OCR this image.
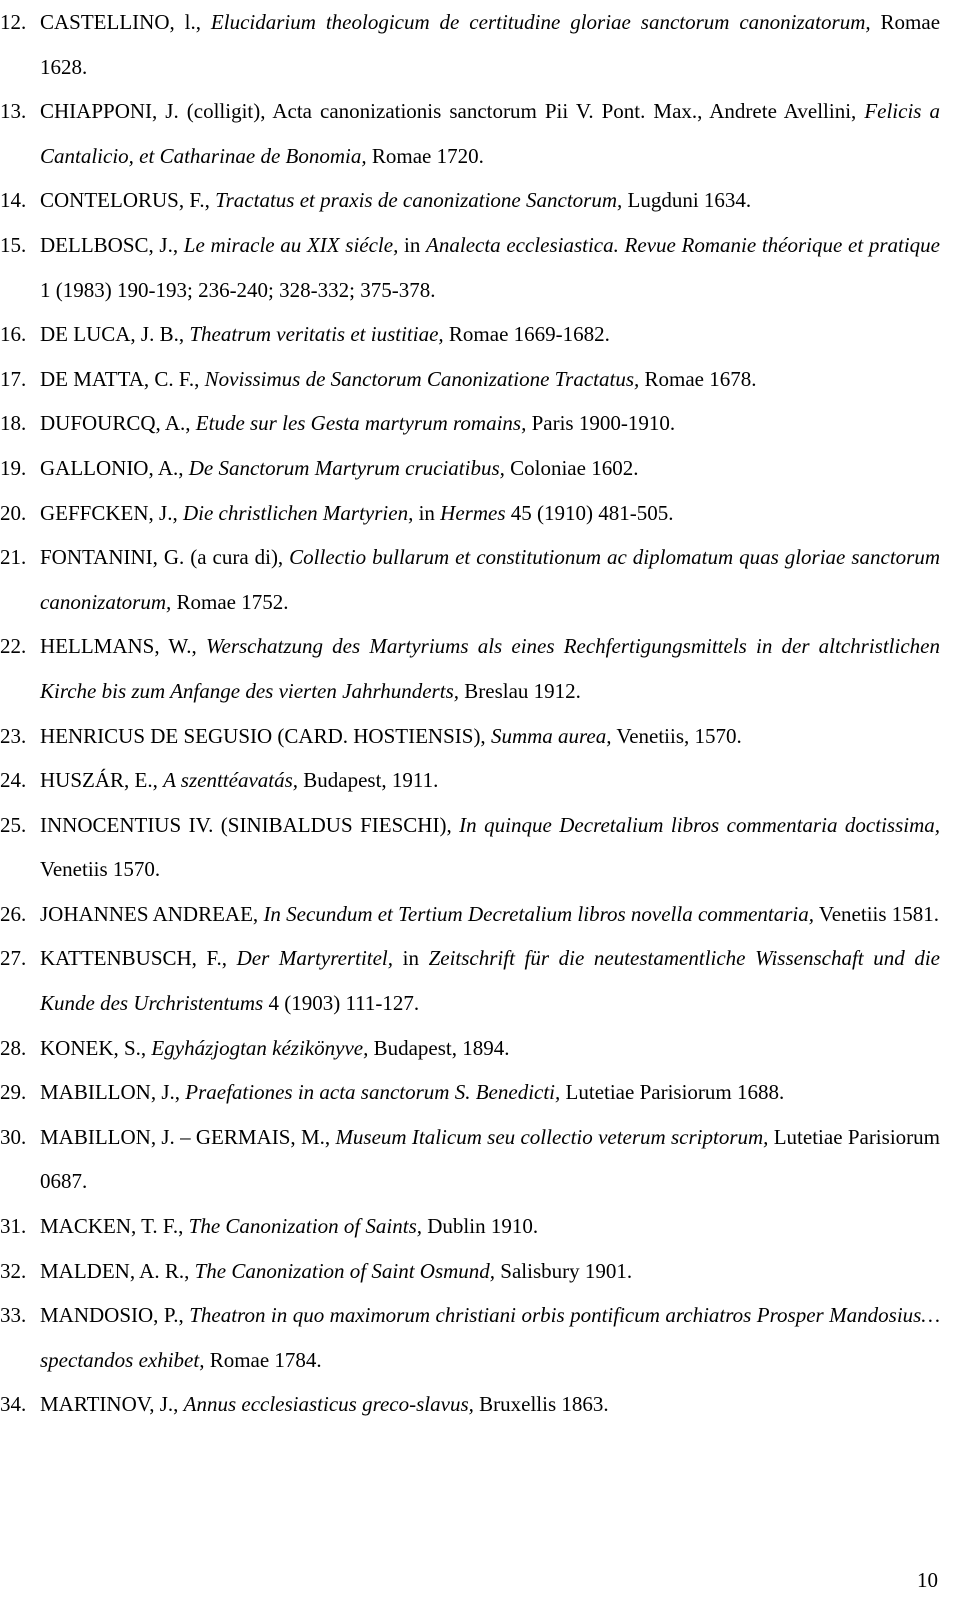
12. CASTELLINO, l., Elucidarium theologicum de certitudine gloriae sanctorum canonizatorum, Romae 1628.
13. CHIAPPONI, J. (colligit), Acta canonizationis sanctorum Pii V. Pont. Max., Andrete Avellini, Felicis a Cantalicio, et Catharinae de Bonomia, Romae 1720.
14. CONTELORUS, F., Tractatus et praxis de canonizatione Sanctorum, Lugduni 1634.
15. DELLBOSC, J., Le miracle au XIX siécle, in Analecta ecclesiastica. Revue Romanie théorique et pratique 1 (1983) 190-193; 236-240; 328-332; 375-378.
16. DE LUCA, J. B., Theatrum veritatis et iustitiae, Romae 1669-1682.
17. DE MATTA, C. F., Novissimus de Sanctorum Canonizatione Tractatus, Romae 1678.
18. DUFOURCQ, A., Etude sur les Gesta martyrum romains, Paris 1900-1910.
19. GALLONIO, A., De Sanctorum Martyrum cruciatibus, Coloniae 1602.
20. GEFFCKEN, J., Die christlichen Martyrien, in Hermes 45 (1910) 481-505.
21. FONTANINI, G. (a cura di), Collectio bullarum et constitutionum ac diplomatum quas gloriae sanctorum canonizatorum, Romae 1752.
22. HELLMANS, W., Werschatzung des Martyriums als eines Rechfertigungsmittels in der altchristlichen Kirche bis zum Anfange des vierten Jahrhunderts, Breslau 1912.
23. HENRICUS DE SEGUSIO (CARD. HOSTIENSIS), Summa aurea, Venetiis, 1570.
24. HUSZÁR, E., A szenttéavatás, Budapest, 1911.
25. INNOCENTIUS IV. (SINIBALDUS FIESCHI), In quinque Decretalium libros commentaria doctissima, Venetiis 1570.
26. JOHANNES ANDREAE, In Secundum et Tertium Decretalium libros novella commentaria, Venetiis 1581.
27. KATTENBUSCH, F., Der Martyrertitel, in Zeitschrift für die neutestamentliche Wissenschaft und die Kunde des Urchristentums 4 (1903) 111-127.
28. KONEK, S., Egyházjogtan kézikönyve, Budapest, 1894.
29. MABILLON, J., Praefationes in acta sanctorum S. Benedicti, Lutetiae Parisiorum 1688.
30. MABILLON, J. – GERMAIS, M., Museum Italicum seu collectio veterum scriptorum, Lutetiae Parisiorum 0687.
31. MACKEN, T. F., The Canonization of Saints, Dublin 1910.
32. MALDEN, A. R., The Canonization of Saint Osmund, Salisbury 1901.
33. MANDOSIO, P., Theatron in quo maximorum christiani orbis pontificum archiatros Prosper Mandosius…spectandos exhibet, Romae 1784.
34. MARTINOV, J., Annus ecclesiasticus greco-slavus, Bruxellis 1863.
10
